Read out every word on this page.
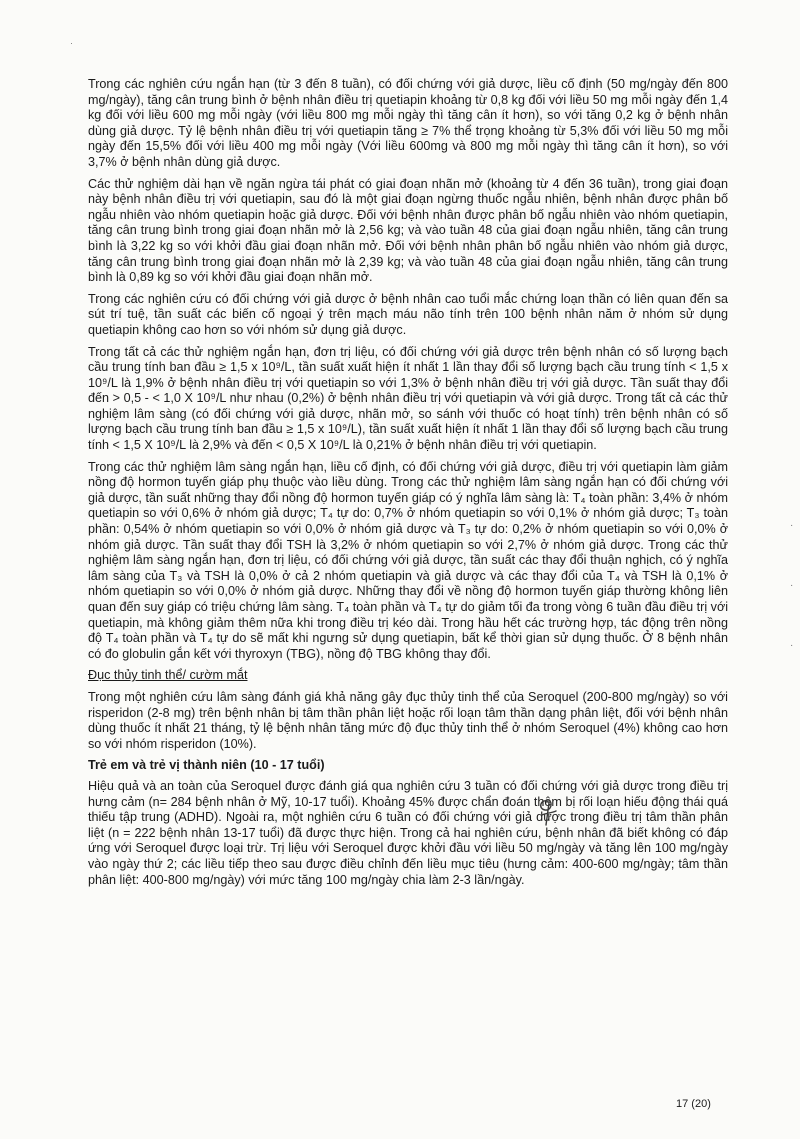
Trong các nghiên cứu ngắn hạn (từ 3 đến 8 tuần), có đối chứng với giả dược, liều cố định (50 mg/ngày đến 800 mg/ngày), tăng cân trung bình ở bệnh nhân điều trị quetiapin khoảng từ 0,8 kg đối với liều 50 mg mỗi ngày đến 1,4 kg đối với liều 600 mg mỗi ngày (với liều 800 mg mỗi ngày thì tăng cân ít hơn), so với tăng 0,2 kg ở bệnh nhân dùng giả dược. Tỷ lệ bệnh nhân điều trị với quetiapin tăng ≥ 7% thể trọng khoảng từ 5,3% đối với liều 50 mg mỗi ngày đến 15,5% đối với liều 400 mg mỗi ngày (Với liều 600mg và 800 mg mỗi ngày thì tăng cân ít hơn), so với 3,7% ở bệnh nhân dùng giả dược.

Các thử nghiệm dài hạn về ngăn ngừa tái phát có giai đoạn nhãn mở (khoảng từ 4 đến 36 tuần), trong giai đoạn này bệnh nhân điều trị với quetiapin, sau đó là một giai đoạn ngừng thuốc ngẫu nhiên, bệnh nhân được phân bố ngẫu nhiên vào nhóm quetiapin hoặc giả dược. Đối với bệnh nhân được phân bố ngẫu nhiên vào nhóm quetiapin, tăng cân trung bình trong giai đoạn nhãn mở là 2,56 kg; và vào tuần 48 của giai đoạn ngẫu nhiên, tăng cân trung bình là 3,22 kg so với khởi đầu giai đoạn nhãn mở. Đối với bệnh nhân phân bố ngẫu nhiên vào nhóm giả dược, tăng cân trung bình trong giai đoạn nhãn mở là 2,39 kg; và vào tuần 48 của giai đoạn ngẫu nhiên, tăng cân trung bình là 0,89 kg so với khởi đầu giai đoạn nhãn mở.

Trong các nghiên cứu có đối chứng với giả dược ở bệnh nhân cao tuổi mắc chứng loạn thần có liên quan đến sa sút trí tuệ, tần suất các biến cố ngoại ý trên mạch máu não tính trên 100 bệnh nhân năm ở nhóm sử dụng quetiapin không cao hơn so với nhóm sử dụng giả dược.

Trong tất cả các thử nghiệm ngắn hạn, đơn trị liệu, có đối chứng với giả dược trên bệnh nhân có số lượng bạch cầu trung tính ban đầu ≥ 1,5 x 10⁹/L, tần suất xuất hiện ít nhất 1 lần thay đổi số lượng bạch cầu trung tính < 1,5 x 10⁹/L là 1,9% ở bệnh nhân điều trị với quetiapin so với 1,3% ở bệnh nhân điều trị với giả dược. Tần suất thay đổi đến > 0,5 - < 1,0 X 10⁹/L như nhau (0,2%) ở bệnh nhân điều trị với quetiapin và với giả dược. Trong tất cả các thử nghiệm lâm sàng (có đối chứng với giả dược, nhãn mở, so sánh với thuốc có hoạt tính) trên bệnh nhân có số lượng bạch cầu trung tính ban đầu ≥ 1,5 x 10⁹/L), tần suất xuất hiện ít nhất 1 lần thay đổi số lượng bạch cầu trung tính < 1,5 X 10⁹/L là 2,9% và đến < 0,5 X 10⁹/L là 0,21% ở bệnh nhân điều trị với quetiapin.

Trong các thử nghiệm lâm sàng ngắn hạn, liều cố định, có đối chứng với giả dược, điều trị với quetiapin làm giảm nồng độ hormon tuyến giáp phụ thuộc vào liều dùng. Trong các thử nghiệm lâm sàng ngắn hạn có đối chứng với giả dược, tần suất những thay đổi nồng độ hormon tuyến giáp có ý nghĩa lâm sàng là: T₄ toàn phần: 3,4% ở nhóm quetiapin so với 0,6% ở nhóm giả dược; T₄ tự do: 0,7% ở nhóm quetiapin so với 0,1% ở nhóm giả dược; T₃ toàn phần: 0,54% ở nhóm quetiapin so với 0,0% ở nhóm giả dược và T₃ tự do: 0,2% ở nhóm quetiapin so với 0,0% ở nhóm giả dược. Tần suất thay đổi TSH là 3,2% ở nhóm quetiapin so với 2,7% ở nhóm giả dược. Trong các thử nghiệm lâm sàng ngắn hạn, đơn trị liệu, có đối chứng với giả dược, tần suất các thay đổi thuận nghịch, có ý nghĩa lâm sàng của T₃ và TSH là 0,0% ở cả 2 nhóm quetiapin và giả dược và các thay đổi của T₄ và TSH là 0,1% ở nhóm quetiapin so với 0,0% ở nhóm giả dược. Những thay đổi về nồng độ hormon tuyến giáp thường không liên quan đến suy giáp có triệu chứng lâm sàng. T₄ toàn phần và T₄ tự do giảm tối đa trong vòng 6 tuần đầu điều trị với quetiapin, mà không giảm thêm nữa khi trong điều trị kéo dài. Trong hầu hết các trường hợp, tác động trên nồng độ T₄ toàn phần và T₄ tự do sẽ mất khi ngưng sử dụng quetiapin, bất kể thời gian sử dụng thuốc. Ở 8 bệnh nhân có đo globulin gắn kết với thyroxyn (TBG), nồng độ TBG không thay đổi.

Đục thủy tinh thể/ cườm mắt

Trong một nghiên cứu lâm sàng đánh giá khả năng gây đục thủy tinh thể của Seroquel (200-800 mg/ngày) so với risperidon (2-8 mg) trên bệnh nhân bị tâm thần phân liệt hoặc rối loạn tâm thần dạng phân liệt, đối với bệnh nhân dùng thuốc ít nhất 21 tháng, tỷ lệ bệnh nhân tăng mức độ đục thủy tinh thể ở nhóm Seroquel (4%) không cao hơn so với nhóm risperidon (10%).

Trẻ em và trẻ vị thành niên (10 - 17 tuổi)

Hiệu quả và an toàn của Seroquel được đánh giá qua nghiên cứu 3 tuần có đối chứng với giả dược trong điều trị hưng cảm (n= 284 bệnh nhân ở Mỹ, 10-17 tuổi). Khoảng 45% được chẩn đoán thêm bị rối loạn hiếu động thái quá thiếu tập trung (ADHD). Ngoài ra, một nghiên cứu 6 tuần có đối chứng với giả dược trong điều trị tâm thần phân liệt (n = 222 bệnh nhân 13-17 tuổi) đã được thực hiện. Trong cả hai nghiên cứu, bệnh nhân đã biết không có đáp ứng với Seroquel được loại trừ. Trị liệu với Seroquel được khởi đầu với liều 50 mg/ngày và tăng lên 100 mg/ngày vào ngày thứ 2; các liều tiếp theo sau được điều chỉnh đến liều mục tiêu (hưng cảm: 400-600 mg/ngày; tâm thần phân liệt: 400-800 mg/ngày) với mức tăng 100 mg/ngày chia làm 2-3 lần/ngày.

·
·
·
·
17 (20)
